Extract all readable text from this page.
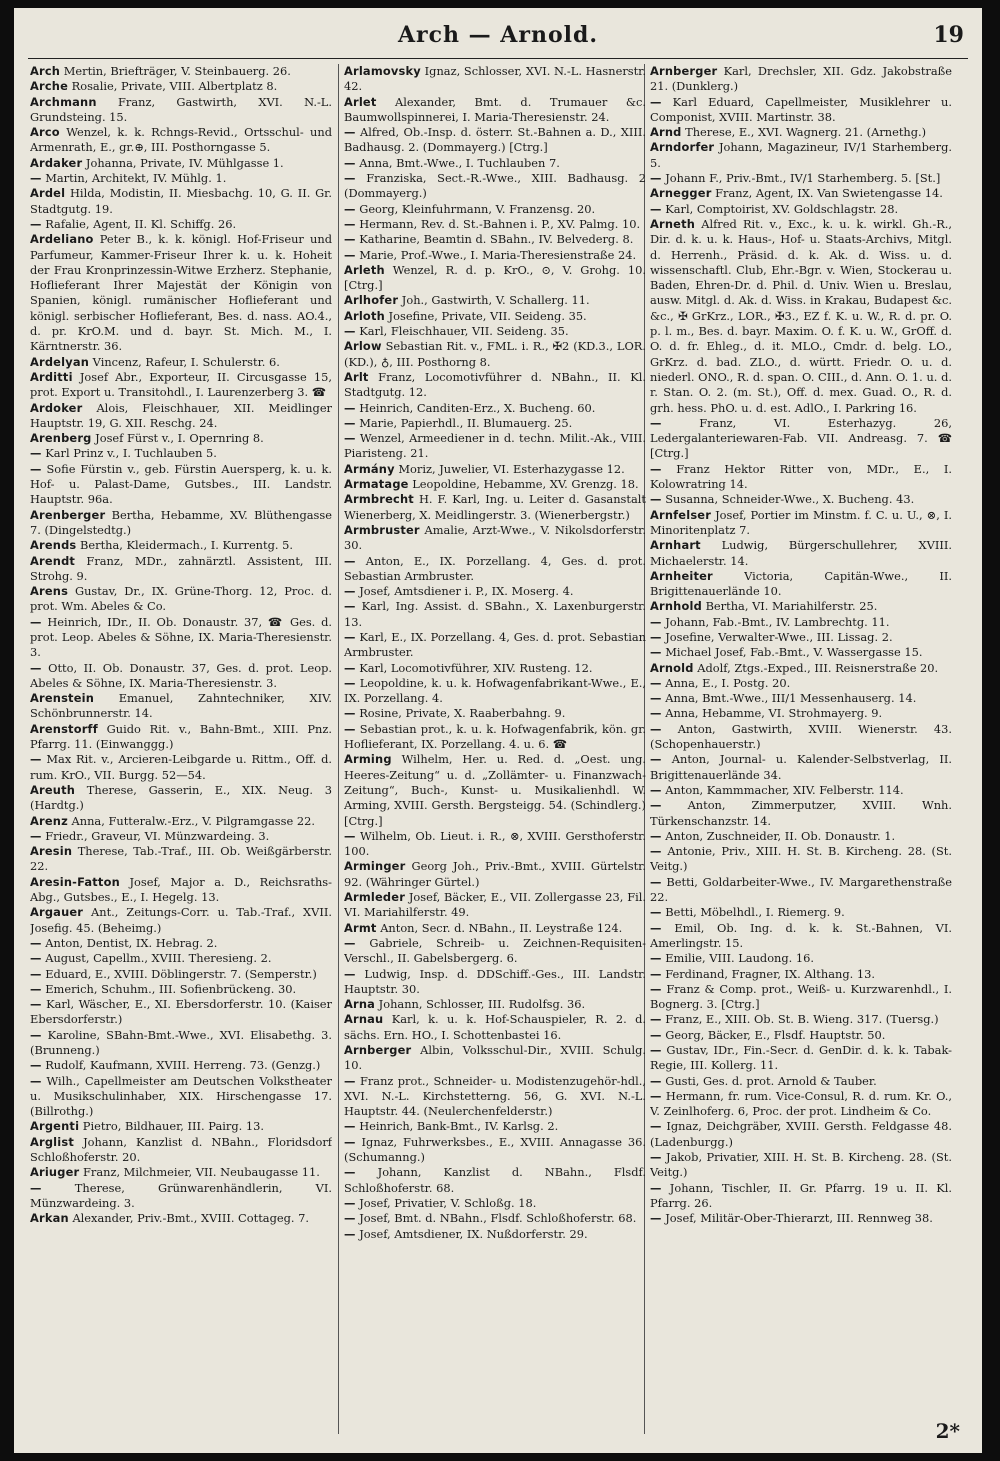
Arch — Arnold.	19

Arch Mertin, Briefträger, V. Steinbauerg. 26.

Arche Rosalie, Private, VIII. Albertplatz 8.

Archmann Franz, Gastwirth, XVI. N.-L. Grundsteing. 15.

Arco Wenzel, k. k. Rchngs-Revid., Ortsschul- und Armenrath, E., gr.⊕, III. Posthorngasse 5.

Ardaker Johanna, Private, IV. Mühlgasse 1.

— Martin, Architekt, IV. Mühlg. 1.

Ardel Hilda, Modistin, II. Miesbachg. 10, G. II. Gr. Stadtgutg. 19.

— Rafalie, Agent, II. Kl. Schiffg. 26.

Ardeliano Peter B., k. k. königl. Hof-Friseur und Parfumeur, Kammer-Friseur Ihrer k. u. k. Hoheit der Frau Kronprinzessin-Witwe Erzherz. Stephanie, Hoflieferant Ihrer Majestät der Königin von Spanien, königl. rumänischer Hoflieferant und königl. serbischer Hoflieferant, Bes. d. nass. AO.4., d. pr. KrO.M. und d. bayr. St. Mich. M., I. Kärntnerstr. 36.

Ardelyan Vincenz, Rafeur, I. Schulerstr. 6.

Arditti Josef Abr., Exporteur, II. Circusgasse 15, prot. Export u. Transitohdl., I. Laurenzerberg 3. ☎

Ardoker Alois, Fleischhauer, XII. Meidlinger Hauptstr. 19, G. XII. Reschg. 24.

Arenberg Josef Fürst v., I. Opernring 8.

— Karl Prinz v., I. Tuchlauben 5.

— Sofie Fürstin v., geb. Fürstin Auersperg, k. u. k. Hof- u. Palast-Dame, Gutsbes., III. Landstr. Hauptstr. 96a.

Arenberger Bertha, Hebamme, XV. Blüthengasse 7. (Dingelstedtg.)

Arends Bertha, Kleidermach., I. Kurrentg. 5.

Arendt Franz, MDr., zahnärztl. Assistent, III. Strohg. 9.

Arens Gustav, Dr., IX. Grüne-Thorg. 12, Proc. d. prot. Wm. Abeles & Co.

— Heinrich, IDr., II. Ob. Donaustr. 37, ☎ Ges. d. prot. Leop. Abeles & Söhne, IX. Maria-Theresienstr. 3.

— Otto, II. Ob. Donaustr. 37, Ges. d. prot. Leop. Abeles & Söhne, IX. Maria-Theresienstr. 3.

Arenstein Emanuel, Zahntechniker, XIV. Schönbrunnerstr. 14.

Arenstorff Guido Rit. v., Bahn-Bmt., XIII. Pnz. Pfarrg. 11. (Einwanggg.)

— Max Rit. v., Arcieren-Leibgarde u. Rittm., Off. d. rum. KrO., VII. Burgg. 52—54.

Areuth Therese, Gasserin, E., XIX. Neug. 3 (Hardtg.)

Arenz Anna, Futteralw.-Erz., V. Pilgramgasse 22.

— Friedr., Graveur, VI. Münzwardeing. 3.

Aresin Therese, Tab.-Traf., III. Ob. Weißgärberstr. 22.

Aresin-Fatton Josef, Major a. D., Reichsraths-Abg., Gutsbes., E., I. Hegelg. 13.

Argauer Ant., Zeitungs-Corr. u. Tab.-Traf., XVII. Josefig. 45. (Beheimg.)

— Anton, Dentist, IX. Hebrag. 2.

— August, Capellm., XVIII. Theresieng. 2.

— Eduard, E., XVIII. Döblingerstr. 7. (Semperstr.)

— Emerich, Schuhm., III. Sofienbrückeng. 30.

— Karl, Wäscher, E., XI. Ebersdorferstr. 10. (Kaiser Ebersdorferstr.)

— Karoline, SBahn-Bmt.-Wwe., XVI. Elisabethg. 3. (Brunneng.)

— Rudolf, Kaufmann, XVIII. Herreng. 73. (Genzg.)

— Wilh., Capellmeister am Deutschen Volkstheater u. Musikschulinhaber, XIX. Hirschengasse 17. (Billrothg.)

Argenti Pietro, Bildhauer, III. Pairg. 13.

Arglist Johann, Kanzlist d. NBahn., Floridsdorf Schloßhoferstr. 20.

Ariuger Franz, Milchmeier, VII. Neubaugasse 11.

—	Therese, Grünwarenhändlerin, VI. Münzwardeing. 3.

Arkan Alexander, Priv.-Bmt., XVIII. Cottageg. 7.

Arlamovsky Ignaz, Schlosser, XVI. N.-L. Hasnerstr. 42.

Arlet Alexander, Bmt. d. Trumauer &c. Baumwollspinnerei, I. Maria-Theresienstr. 24.

— Alfred, Ob.-Insp. d. österr. St.-Bahnen a. D., XIII. Badhausg. 2. (Dommayerg.) [Ctrg.]

— Anna, Bmt.-Wwe., I. Tuchlauben 7.

— Franziska, Sect.-R.-Wwe., XIII. Badhausg. 2 (Dommayerg.)

— Georg, Kleinfuhrmann, V. Franzensg. 20.

— Hermann, Rev. d. St.-Bahnen i. P., XV. Palmg. 10.

— Katharine, Beamtin d. SBahn., IV. Belvederg. 8.

— Marie, Prof.-Wwe., I. Maria-Theresienstraße 24.

Arleth Wenzel, R. d. p. KrO., ⊙, V. Grohg. 10. [Ctrg.]

Arlhofer Joh., Gastwirth, V. Schallerg. 11.

Arloth Josefine, Private, VII. Seideng. 35.

— Karl, Fleischhauer, VII. Seideng. 35.

Arlow Sebastian Rit. v., FML. i. R., ✠2 (KD.3., LOR. (KD.), ♁, III. Posthorng 8.

Arlt Franz, Locomotivführer d. NBahn., II. Kl. Stadtgutg. 12.

— Heinrich, Canditen-Erz., X. Bucheng. 60.

— Marie, Papierhdl., II. Blumauerg. 25.

— Wenzel, Armeediener in d. techn. Milit.-Ak., VIII. Piaristeng. 21.

Armány Moriz, Juwelier, VI. Esterhazygasse 12.

Armatage Leopoldine, Hebamme, XV. Grenzg. 18.

Armbrecht H. F. Karl, Ing. u. Leiter d. Gasanstalt Wienerberg, X. Meidlingerstr. 3. (Wienerbergstr.)

Armbruster Amalie, Arzt-Wwe., V. Nikolsdorferstr. 30.

— Anton, E., IX. Porzellang. 4, Ges. d. prot. Sebastian Armbruster.

— Josef, Amtsdiener i. P., IX. Moserg. 4.

— Karl, Ing. Assist. d. SBahn., X. Laxenburgerstr. 13.

— Karl, E., IX. Porzellang. 4, Ges. d. prot. Sebastian Armbruster.

— Karl, Locomotivführer, XIV. Rusteng. 12.

— Leopoldine, k. u. k. Hofwagenfabrikant-Wwe., E., IX. Porzellang. 4.

— Rosine, Private, X. Raaberbahng. 9.

— Sebastian prot., k. u. k. Hofwagenfabrik, kön. gr. Hoflieferant, IX. Porzellang. 4. u. 6. ☎

Arming Wilhelm, Her. u. Red. d. „Oest. ung. Heeres-Zeitung“ u. d. „Zollämter- u. Finanzwach-Zeitung“, Buch-, Kunst- u. Musikalienhdl. W. Arming, XVIII. Gersth. Bergsteigg. 54. (Schindlerg.) [Ctrg.]

— Wilhelm, Ob. Lieut. i. R., ⊗, XVIII. Gersthoferstr. 100.

Arminger Georg Joh., Priv.-Bmt., XVIII. Gürtelstr. 92. (Währinger Gürtel.)

Armleder Josef, Bäcker, E., VII. Zollergasse 23, Fil. VI. Mariahilferstr. 49.

Armt Anton, Secr. d. NBahn., II. Leystraße 124.

— Gabriele, Schreib- u. Zeichnen-Requisiten-Verschl., II. Gabelsbergerg. 6.

— Ludwig, Insp. d. DDSchiff.-Ges., III. Landstr. Hauptstr. 30.

Arna Johann, Schlosser, III. Rudolfsg. 36.

Arnau Karl, k. u. k. Hof-Schauspieler, R. 2. d. sächs. Ern. HO., I. Schottenbastei 16.

Arnberger Albin, Volksschul-Dir., XVIII. Schulg. 10.

— Franz prot., Schneider- u. Modistenzugehör-hdl., XVI. N.-L. Kirchstetterng. 56, G. XVI. N.-L. Hauptstr. 44. (Neulerchenfelderstr.)

— Heinrich, Bank-Bmt., IV. Karlsg. 2.

— Ignaz, Fuhrwerksbes., E., XVIII. Annagasse 36. (Schumanng.)

— Johann, Kanzlist d. NBahn., Flsdf. Schloßhoferstr. 68.

— Josef, Privatier, V. Schloßg. 18.

— Josef, Bmt. d. NBahn., Flsdf. Schloßhoferstr. 68.

— Josef, Amtsdiener, IX. Nußdorferstr. 29.

Arnberger Karl, Drechsler, XII. Gdz. Jakobstraße 21. (Dunklerg.)

— Karl Eduard, Capellmeister, Musiklehrer u. Componist, XVIII. Martinstr. 38.

Arnd Therese, E., XVI. Wagnerg. 21. (Arnethg.)

Arndorfer Johann, Magazineur, IV/1 Starhemberg. 5.

— Johann F., Priv.-Bmt., IV/1 Starhemberg. 5. [St.]

Arnegger Franz, Agent, IX. Van Swietengasse 14.

— Karl, Comptoirist, XV. Goldschlagstr. 28.

Arneth Alfred Rit. v., Exc., k. u. k. wirkl. Gh.-R., Dir. d. k. u. k. Haus-, Hof- u. Staats-Archivs, Mitgl. d. Herrenh., Präsid. d. k. Ak. d. Wiss. u. d. wissenschaftl. Club, Ehr.-Bgr. v. Wien, Stockerau u. Baden, Ehren-Dr. d. Phil. d. Univ. Wien u. Breslau, ausw. Mitgl. d. Ak. d. Wiss. in Krakau, Budapest &c. &c., ✠ GrKrz., LOR., ✠3., EZ f. K. u. W., R. d. pr. O. p. l. m., Bes. d. bayr. Maxim. O. f. K. u. W., GrOff. d. O. d. fr. Ehleg., d. it. MLO., Cmdr. d. belg. LO., GrKrz. d. bad. ZLO., d. württ. Friedr. O. u. d. niederl. ONO., R. d. span. O. CIII., d. Ann. O. 1. u. d. r. Stan. O. 2. (m. St.), Off. d. mex. Guad. O., R. d. grh. hess. PhO. u. d. est. AdlO., I. Parkring 16.

—	Franz, VI. Esterhazyg. 26, Ledergalanteriewaren-Fab. VII. Andreasg. 7. ☎ [Ctrg.]

— Franz Hektor Ritter von, MDr., E., I. Kolowratring 14.

— Susanna, Schneider-Wwe., X. Bucheng. 43.

Arnfelser Josef, Portier im Minstm. f. C. u. U., ⊗, I. Minoritenplatz 7.

Arnhart Ludwig, Bürgerschullehrer, XVIII. Michaelerstr. 14.

Arnheiter	Victoria, Capitän-Wwe., II. Brigittenauerlände 10.

Arnhold Bertha, VI. Mariahilferstr. 25.

— Johann, Fab.-Bmt., IV. Lambrechtg. 11.

— Josefine, Verwalter-Wwe., III. Lissag. 2.

— Michael Josef, Fab.-Bmt., V. Wassergasse 15.

Arnold Adolf, Ztgs.-Exped., III. Reisnerstraße 20.

— Anna, E., I. Postg. 20.

— Anna, Bmt.-Wwe., III/1 Messenhauserg. 14.

— Anna, Hebamme, VI. Strohmayerg. 9.

— Anton, Gastwirth, XVIII. Wienerstr. 43. (Schopenhauerstr.)

— Anton, Journal- u. Kalender-Selbstverlag, II. Brigittenauerlände 34.

— Anton, Kammmacher, XIV. Felberstr. 114.

— Anton, Zimmerputzer, XVIII. Wnh. Türkenschanzstr. 14.

— Anton, Zuschneider, II. Ob. Donaustr. 1.

— Antonie, Priv., XIII. H. St. B. Kircheng. 28. (St. Veitg.)

— Betti, Goldarbeiter-Wwe., IV. Margarethenstraße 22.

— Betti, Möbelhdl., I. Riemerg. 9.

— Emil, Ob. Ing. d. k. k. St.-Bahnen, VI. Amerlingstr. 15.

— Emilie, VIII. Laudong. 16.

— Ferdinand, Fragner, IX. Althang. 13.

— Franz & Comp. prot., Weiß- u. Kurzwarenhdl., I. Bognerg. 3. [Ctrg.]

— Franz, E., XIII. Ob. St. B. Wieng. 317. (Tuersg.)

— Georg, Bäcker, E., Flsdf. Hauptstr. 50.

— Gustav, IDr., Fin.-Secr. d. GenDir. d. k. k. Tabak-Regie, III. Kollerg. 11.

— Gusti, Ges. d. prot. Arnold & Tauber.

— Hermann, fr. rum. Vice-Consul, R. d. rum. Kr. O., V. Zeinlhoferg. 6, Proc. der prot. Lindheim & Co.

— Ignaz, Deichgräber, XVIII. Gersth. Feldgasse 48. (Ladenburgg.)

— Jakob, Privatier, XIII. H. St. B. Kircheng. 28. (St. Veitg.)

— Johann, Tischler, II. Gr. Pfarrg. 19 u. II. Kl. Pfarrg. 26.

— Josef, Militär-Ober-Thierarzt, III. Rennweg 38.

2*
